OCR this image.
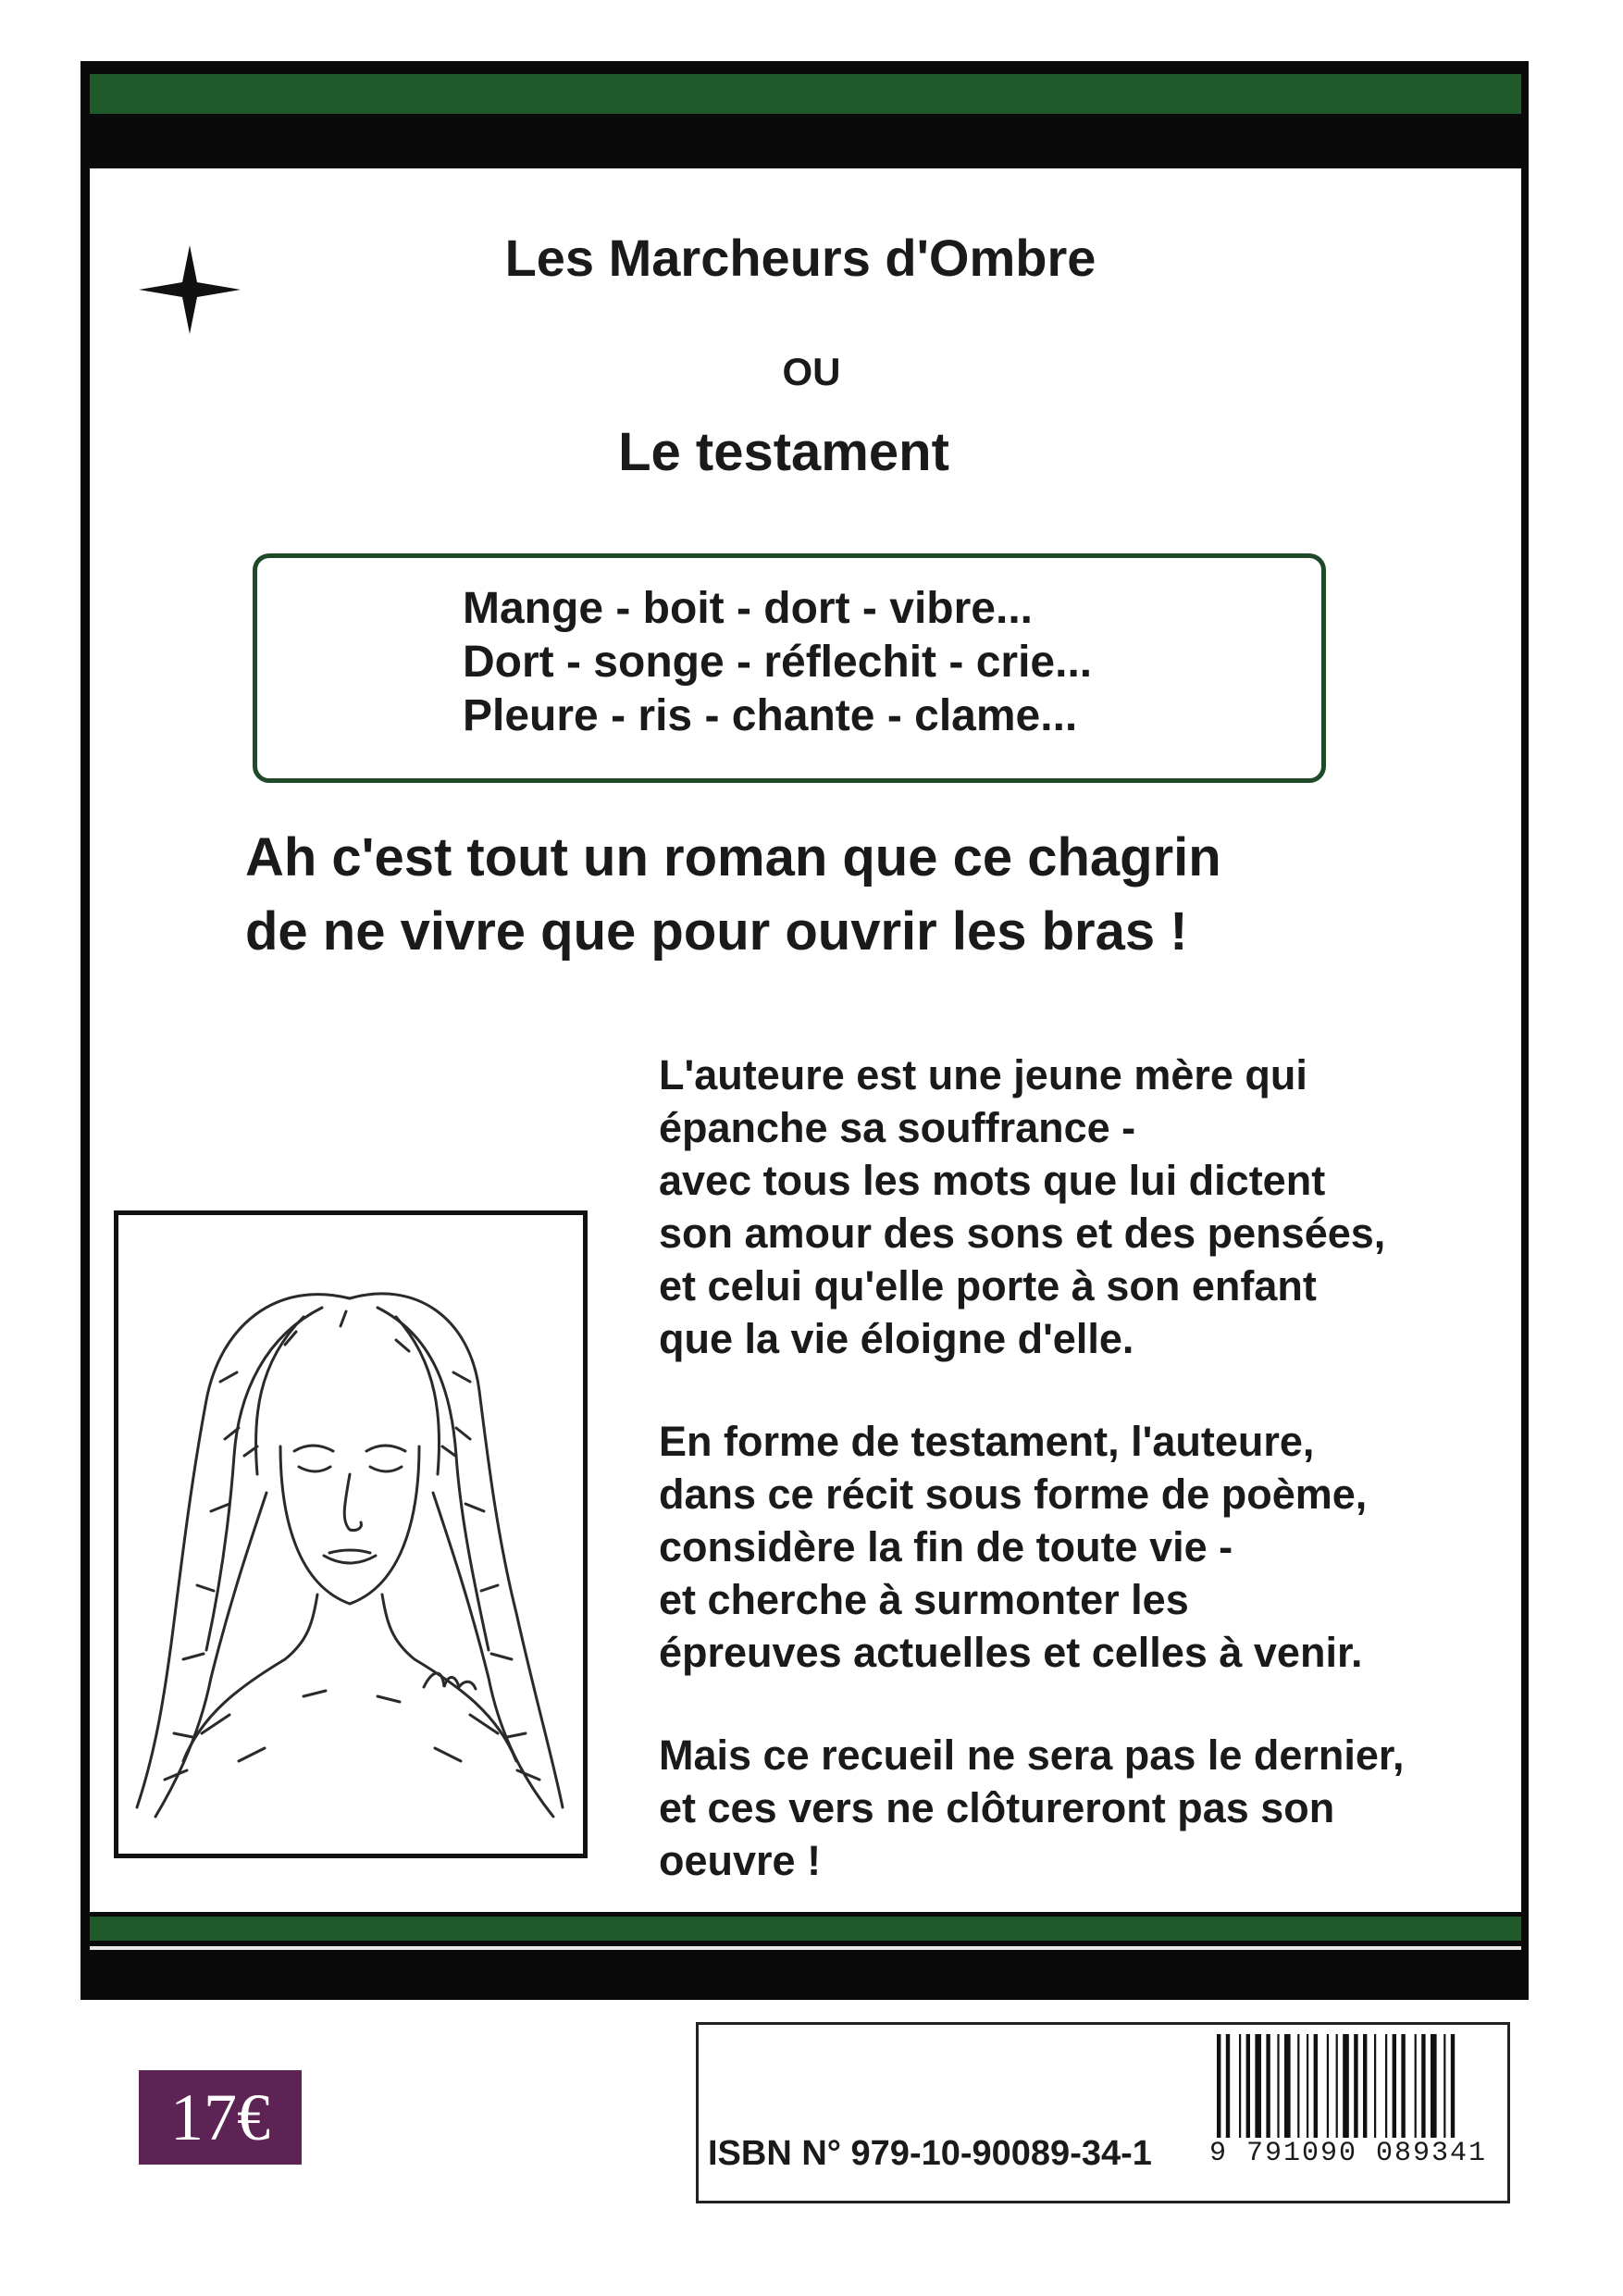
Les Marcheurs d'Ombre
OU
Le testament
Mange - boit - dort - vibre...
Dort - songe - réflechit - crie...
Pleure - ris - chante - clame...
Ah c'est tout un roman que ce chagrin
de ne vivre que pour ouvrir les bras !
L'auteure est une jeune mère qui
épanche sa souffrance -
avec tous les mots que lui dictent
son amour des sons et des pensées,
et celui qu'elle porte à son enfant
que la vie éloigne d'elle.
En forme de testament, l'auteure,
dans ce récit sous forme de poème,
considère la fin de toute vie -
et cherche à surmonter les
épreuves actuelles et celles à venir.
Mais ce recueil ne sera pas le dernier,
et ces vers ne clôtureront pas son
oeuvre !
17€	ISBN N° 979-10-90089-34-1 9 791090 089341
